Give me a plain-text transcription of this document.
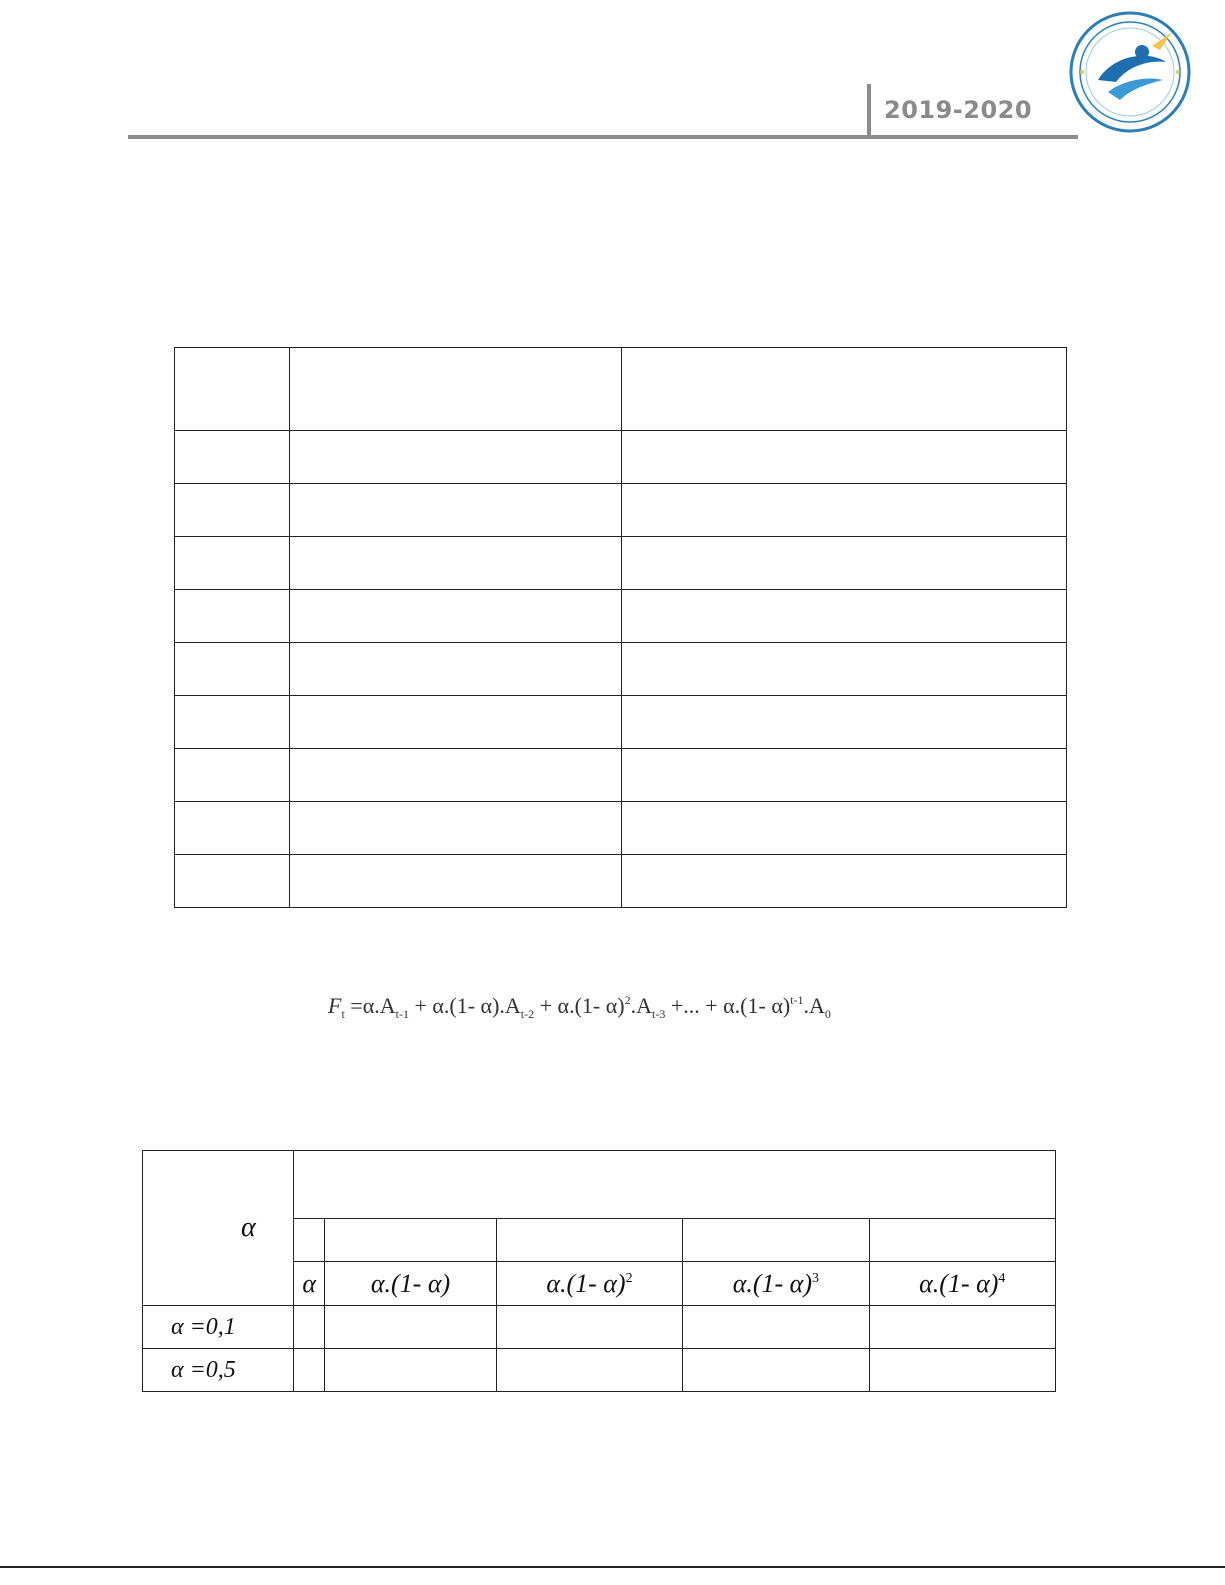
2019-2020

$F_t =\alpha.A_{t-1} + \alpha.(1-$ $\alpha).A_{t-2} + \alpha.(1-$ $\alpha)^2.A_{t-3}$ +... + α.(1- $\alpha)^{t-1}.A_0$
α					

	α	α.(1- α)	α.(1- α)$^2$	α.(1- α)$^3$	α.(1- α)$^4$
α =0,1					
α =0,5					
